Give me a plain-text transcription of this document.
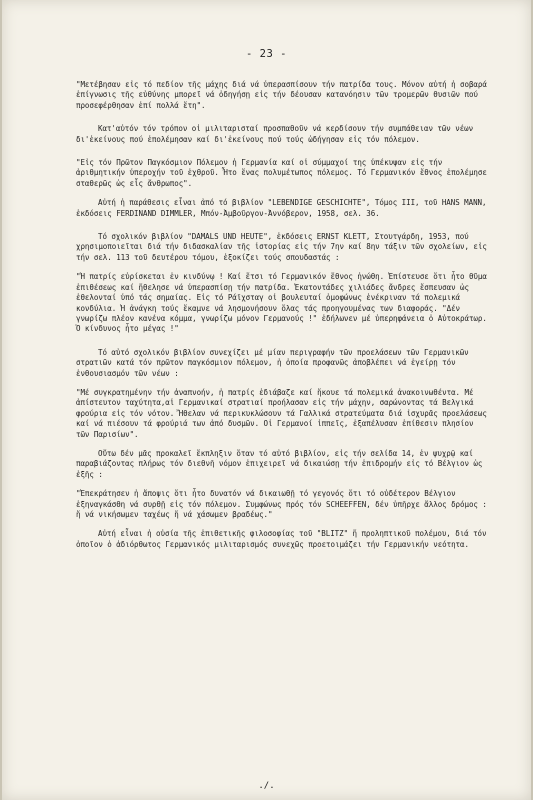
- 23 -

"Μετέβησαν εἰς τό πεδίον τῆς μάχης διά νά ὑπερασπίσουν τήν πατρίδα τους. Μόνον αὐτή ἡ σοβαρά ἐπίγνωσις τῆς εὐθύνης μπορεῖ νά ὁδηγήσῃ εἰς τήν δέουσαν κατανόησιν τῶν τρομερῶν θυσιῶν πού προσεφέρθησαν ἐπί πολλά ἔτη".

Κατ'αὐτόν τόν τρόπον οἱ μιλιταρισταί προσπαθοῦν νά κερδίσουν τήν συμπάθειαν τῶν νέων δι'ἐκείνους πού ἐπολέμησαν καί δι'ἐκείνους πού τούς ὡδήγησαν εἰς τόν πόλεμον.

"Εἰς τόν Πρῶτον Παγκόσμιον Πόλεμον ἡ Γερμανία καί οἱ σύμμαχοί της ὑπέκυψαν εἰς τήν ἀριθμητικήν ὑπεροχήν τοῦ ἐχθροῦ. Ἦτο ἕνας πολυμέτωπος πόλεμος. Τό Γερμανικόν ἔθνος ἐπολέμησε σταθερῶς ὡς εἷς ἄνθρωπος".

Αὐτή ἡ παράθεσις εἶναι ἀπό τό βιβλίον "LEBENDIGE GESCHICHTE", Τόμος III, τοῦ HANS MANN, ἐκδόσεις FERDINAND DIMMLER, Μπόν-Ἀμβοῦργον-Ἀννόβερον, 1958, σελ. 36.

Τό σχολικόν βιβλίον "DAMALS UND HEUTE", ἐκδόσεις ERNST KLETT, Στουτγάρδη, 1953, πού χρησιμοποιεῖται διά τήν διδασκαλίαν τῆς ἱστορίας εἰς τήν 7ην καί 8ην τάξιν τῶν σχολείων, εἰς τήν σελ. 113 τοῦ δευτέρου τόμου, ἐξοκίζει τούς σπουδαστάς :

"Ἡ πατρίς εὑρίσκεται ἐν κινδύνῳ ! Καί ἔτσι τό Γερμανικόν ἔθνος ἡνώθη. Ἐπίστευσε ὅτι ἦτο θῦμα ἐπιθέσεως καί ἤθελησε νά ὑπερασπίσῃ τήν πατρίδα. Ἑκατοντάδες χιλιάδες ἄνδρες ἔσπευσαν ὡς ἐθελονταί ὑπό τάς σημαίας. Εἰς τό Ράϊχσταγ οἱ βουλευταί ὁμοφώνως ἐνέκριναν τά πολεμικά κονδύλια. Ἡ ἀνάγκη τούς ἔκαμνε νά λησμονήσουν ὅλας τάς προηγουμένας των διαφοράς. "Δέν γνωρίζω πλέον κανένα κόμμα, γνωρίζω μόνον Γερμανούς !" ἐδήλωνεν μέ ὑπερηφάνεια ὁ Αὐτοκράτωρ. Ὁ κίνδυνος ἦτο μέγας !"

Τό αὐτό σχολικόν βιβλίον συνεχίζει μέ μίαν περιγραφήν τῶν προελάσεων τῶν Γερμανικῶν στρατιῶν κατά τόν πρῶτον παγκόσμιον πόλεμον, ἡ ὁποία προφανῶς ἀποβλέπει νά ἐγείρῃ τόν ἐνθουσιασμόν τῶν νέων :

"Μέ συγκρατημένην τήν ἀναπνοήν, ἡ πατρίς ἐδιάβαζε καί ἤκουε τά πολεμικά ἀνακοινωθέντα. Μέ ἀπίστευτον ταχύτητα,αἱ Γερμανικαί στρατιαί προήλασαν εἰς τήν μάχην, σαρώνοντας τά Βελγικά φρούρια εἰς τόν νότον. Ἤθελαν νά περικυκλώσουν τά Γαλλικά στρατεύματα διά ἰσχυρᾶς προελάσεως καί νά πιέσουν τά φρούριά των ἀπό δυσμῶν. Οἱ Γερμανοί ἱππεῖς, ἐξαπέλυσαν ἐπίθεσιν πλησίον τῶν Παρισίων".

Οὔτω δέν μᾶς προκαλεῖ ἔκπληξιν ὅταν τό αὐτό βιβλίον, εἰς τήν σελίδα 14, ἐν ψυχρῷ καί παραβιάζοντας πλήρως τόν διεθνῆ νόμον ἐπιχειρεῖ νά δικαιώσῃ τήν ἐπιδρομήν εἰς τό Βέλγιον ὡς ἑξῆς :

"Ἐπεκράτησεν ἡ ἄποψις ὅτι ἦτο δυνατόν νά δικαιωθῇ τό γεγονός ὅτι τό οὐδέτερον Βέλγιον ἐξηναγκάσθη νά συρθῇ εἰς τόν πόλεμον. Συμφώνως πρός τόν SCHEEFFEN, δέν ὑπῆρχε ἄλλος δρόμος : ἤ νά νικήσωμεν ταχέως ἤ νά χάσωμεν βραδέως."

Αὐτή εἶναι ἡ οὐσία τῆς ἐπιθετικῆς φιλοσοφίας τοῦ "BLITZ" ἤ προληπτικοῦ πολέμου, διά τόν ὁποῖον ὁ ἀδιόρθωτος Γερμανικός μιλιταρισμός συνεχῶς προετοιμάζει τήν Γερμανικήν νεότητα.

./.
